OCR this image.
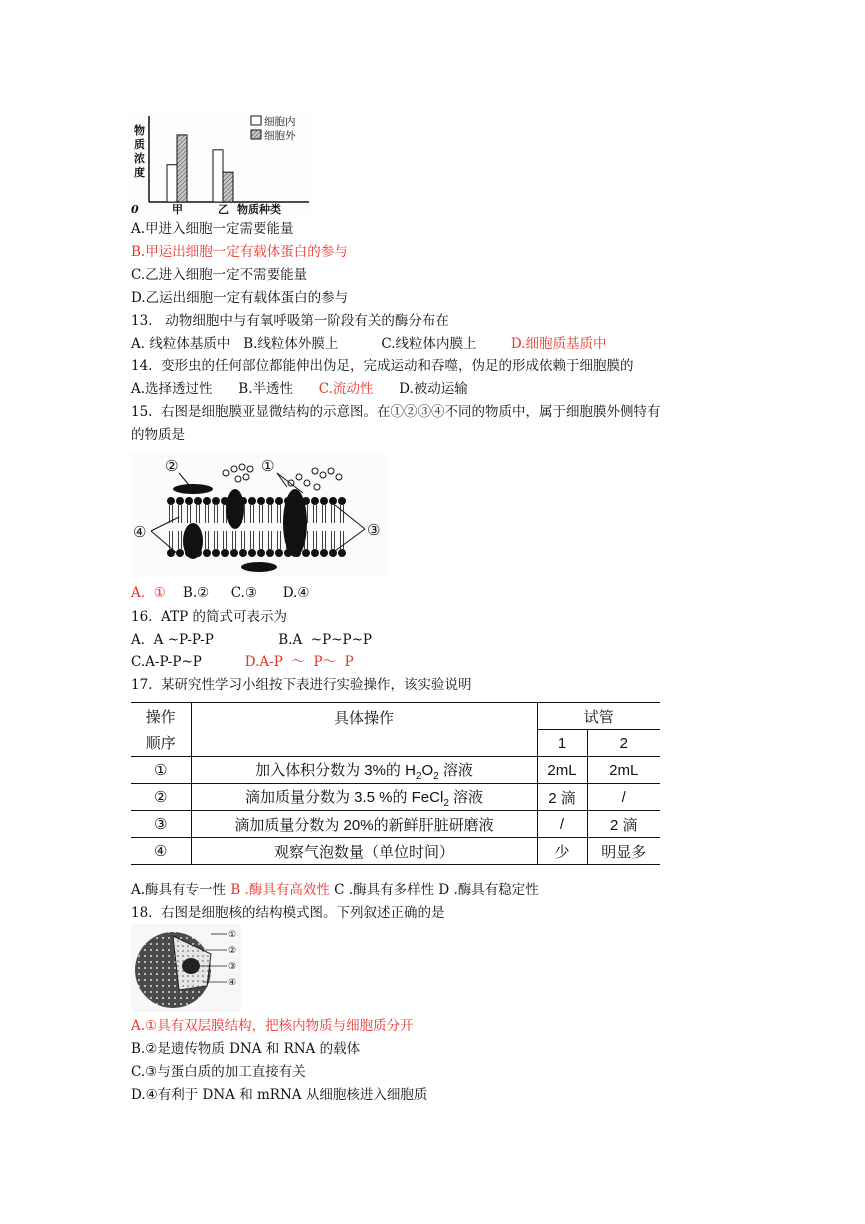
物
质
浓
度
0	物质种类
甲	乙
细胞内
细胞外
A.甲进入细胞一定需要能量
B.甲运出细胞一定有载体蛋白的参与
C.乙进入细胞一定不需要能量
D.乙运出细胞一定有载体蛋白的参与
13.   动物细胞中与有氧呼吸第一阶段有关的酶分布在
A. 线粒体基质中 B.线粒体外膜上	C.线粒体内膜上	D.细胞质基质中
14.  变形虫的任何部位都能伸出伪足，完成运动和吞噬，伪足的形成依赖于细胞膜的
A.选择透过性 B.半透性 C.流动性 D.被动运输
15.  右图是细胞膜亚显微结构的示意图。在①②③④不同的物质中，属于细胞膜外侧特有
的物质是
②	①
④	③
A.  ① B.② C.③ D.④
16.  ATP 的简式可表示为
A.  A ~P-P-P	B.A  ~P~P~P
C.A-P-P~P	D.A-P  ～  P～  P
17.  某研究性学习小组按下表进行实验操作，该实验说明
操作	具体操作	试管	
顺序		1	2
①	加入体积分数为 3%的 $H_2O_2$ 溶液	2mL	2mL
②	滴加质量分数为 3.5 %的 FeCl$_2$ 溶液	2 滴	/
③	滴加质量分数为 20%的新鲜肝脏研磨液	/	2 滴
④	观察气泡数量（单位时间）	少	明显多
A.酶具有专一性 B .酶具有高效性 C .酶具有多样性 D .酶具有稳定性
18.  右图是细胞核的结构模式图。下列叙述正确的是
①
②
③
④
A.①具有双层膜结构，把核内物质与细胞质分开
B.②是遗传物质 DNA 和 RNA 的载体
C.③与蛋白质的加工直接有关
D.④有利于 DNA 和 mRNA 从细胞核进入细胞质
